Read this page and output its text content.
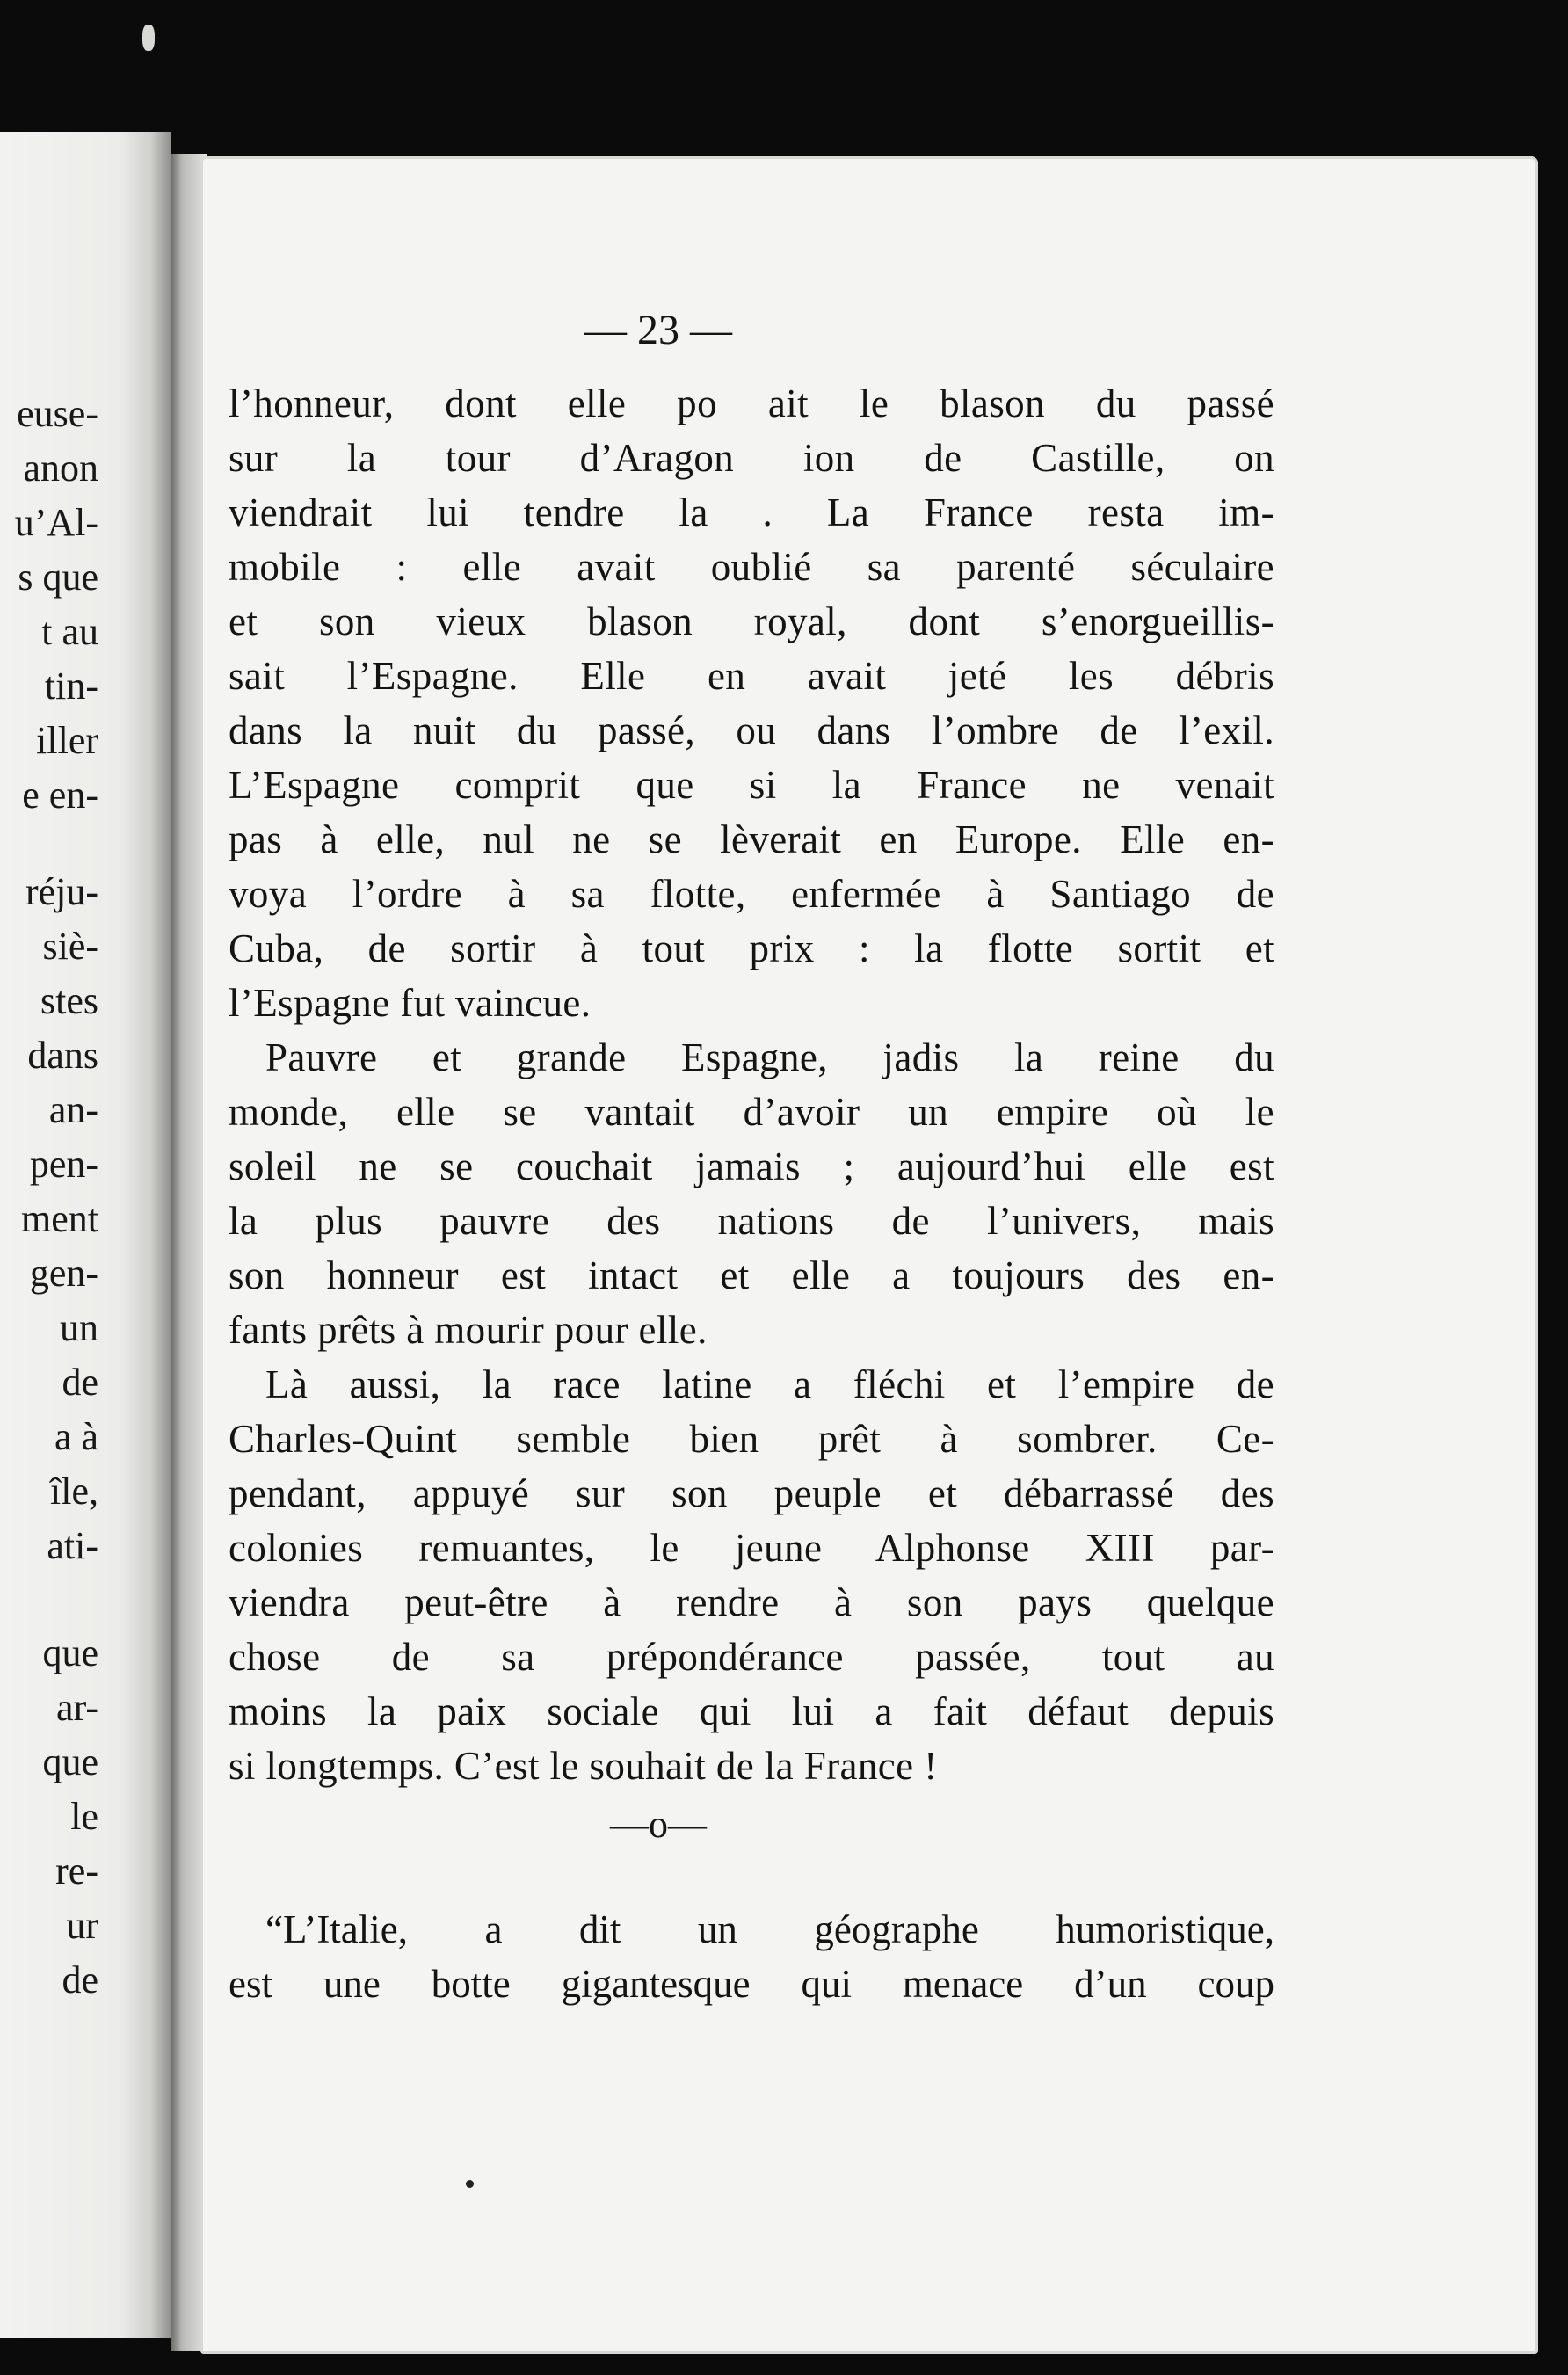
euse-
anon
u’Al-
s que
t au
tin-
iller
e en-
réju-
siè-
stes
dans
an-
pen-
ment
gen-
un
de
a à
île,
ati-
que
ar-
que
le
re-
ur
de
— 23 —
l’honneur, dont elle po ait le blason du passé
sur la tour d’Aragon ion de Castille, on
viendrait lui tendre la . La France resta im-
mobile : elle avait oublié sa parenté séculaire
et son vieux blason royal, dont s’enorgueillis-
sait l’Espagne. Elle en avait jeté les débris
dans la nuit du passé, ou dans l’ombre de l’exil.
L’Espagne comprit que si la France ne venait
pas à elle, nul ne se lèverait en Europe. Elle en-
voya l’ordre à sa flotte, enfermée à Santiago de
Cuba, de sortir à tout prix : la flotte sortit et
l’Espagne fut vaincue.
Pauvre et grande Espagne, jadis la reine du
monde, elle se vantait d’avoir un empire où le
soleil ne se couchait jamais ; aujourd’hui elle est
la plus pauvre des nations de l’univers, mais
son honneur est intact et elle a toujours des en-
fants prêts à mourir pour elle.
Là aussi, la race latine a fléchi et l’empire de
Charles-Quint semble bien prêt à sombrer. Ce-
pendant, appuyé sur son peuple et débarrassé des
colonies remuantes, le jeune Alphonse XIII par-
viendra peut-être à rendre à son pays quelque
chose de sa prépondérance passée, tout au
moins la paix sociale qui lui a fait défaut depuis
si longtemps. C’est le souhait de la France !
—o—
“L’Italie, a dit un géographe humoristique,
est une botte gigantesque qui menace d’un coup
